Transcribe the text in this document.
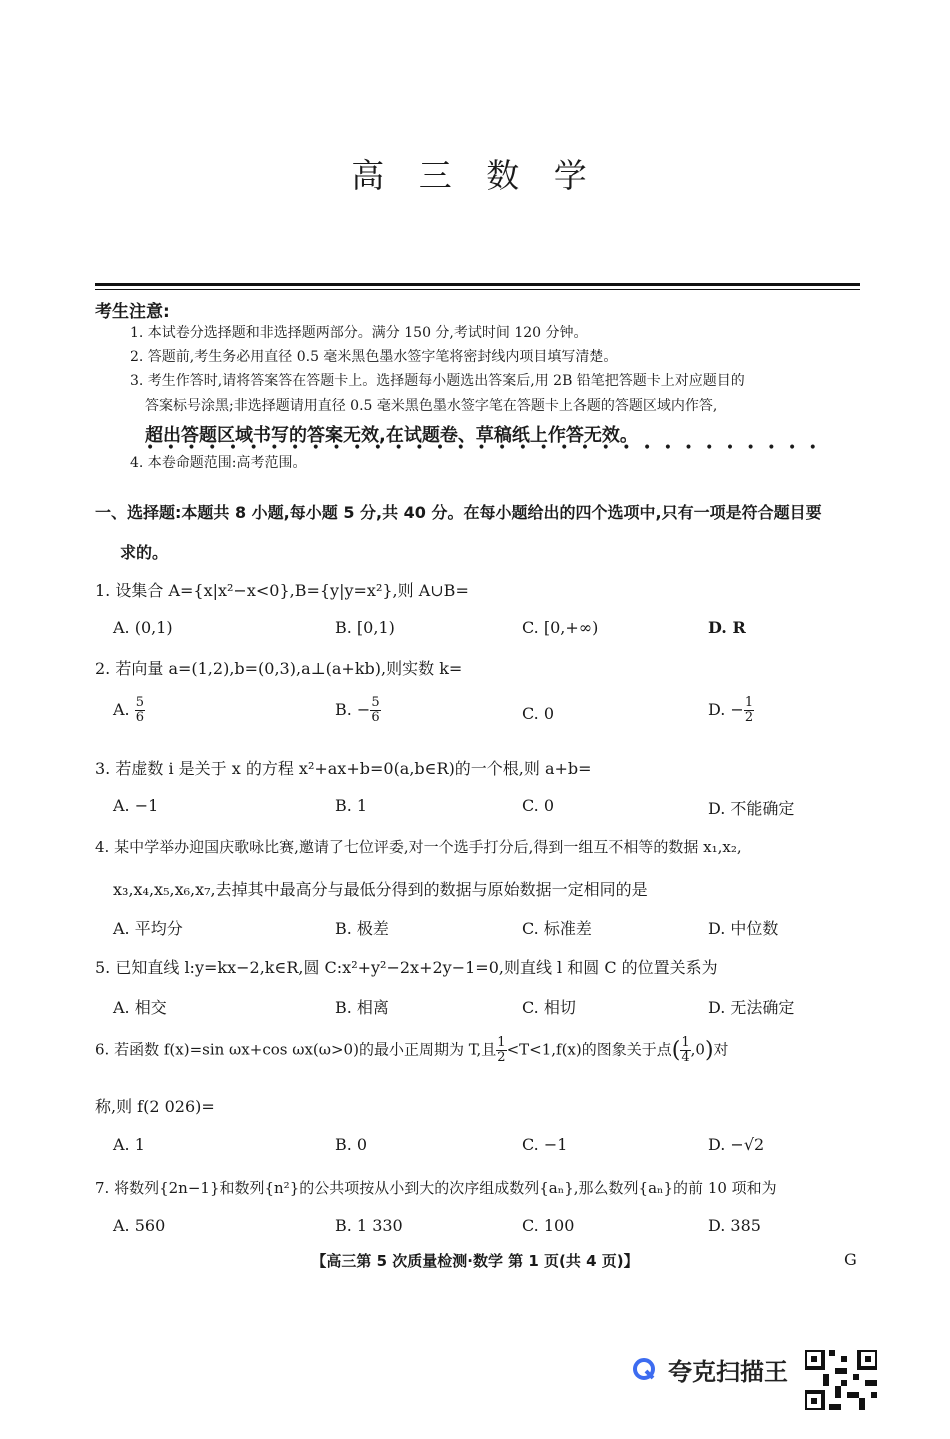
高 三 数 学
考生注意:
1. 本试卷分选择题和非选择题两部分。满分 150 分,考试时间 120 分钟。
2. 答题前,考生务必用直径 0.5 毫米黑色墨水签字笔将密封线内项目填写清楚。
3. 考生作答时,请将答案答在答题卡上。选择题每小题选出答案后,用 2B 铅笔把答题卡上对应题目的
答案标号涂黑;非选择题请用直径 0.5 毫米黑色墨水签字笔在答题卡上各题的答题区域内作答,
超出答题区域书写的答案无效,在试题卷、草稿纸上作答无效。
• • • • • • • • • • • • • • • • • • • • • • • • • • • • • • • • •
4. 本卷命题范围:高考范围。
一、选择题:本题共 8 小题,每小题 5 分,共 40 分。在每小题给出的四个选项中,只有一项是符合题目要
求的。
1. 设集合 A={x|x²−x<0},B={y|y=x²},则 A∪B=
A. (0,1)	B. [0,1)	C. [0,+∞)	D. R
2. 若向量 a=(1,2),b=(0,3),a⊥(a+kb),则实数 k=
A. $\frac{5}{6}$	B. − $\frac{5}{6}$	C. 0	D. − $\frac{1}{2}$
3. 若虚数 i 是关于 x 的方程 x²+ax+b=0(a,b∈R)的一个根,则 a+b=
A. −1	B. 1	C. 0	D. 不能确定
4. 某中学举办迎国庆歌咏比赛,邀请了七位评委,对一个选手打分后,得到一组互不相等的数据 x₁,x₂,
x₃,x₄,x₅,x₆,x₇,去掉其中最高分与最低分得到的数据与原始数据一定相同的是
A. 平均分	B. 极差	C. 标准差	D. 中位数
5. 已知直线 l:y=kx−2,k∈R,圆 C:x²+y²−2x+2y−1=0,则直线 l 和圆 C 的位置关系为
A. 相交	B. 相离	C. 相切	D. 无法确定
6. 若函数 f(x)=sin ωx+cos ωx(ω>0)的最小正周期为 T,且 $\frac{1}{2} <T<1,f(x)$的图象关于点( $\frac{1}{4} ,0$)对
称,则 f(2 026)=
A. 1	B. 0	C. −1	D. −√2
7. 将数列{2n−1}和数列{n²}的公共项按从小到大的次序组成数列{aₙ},那么数列{aₙ}的前 10 项和为
A. 560	B. 1 330	C. 100	D. 385
【高三第 5 次质量检测·数学 第 1 页(共 4 页)】	G
夸克扫描王
